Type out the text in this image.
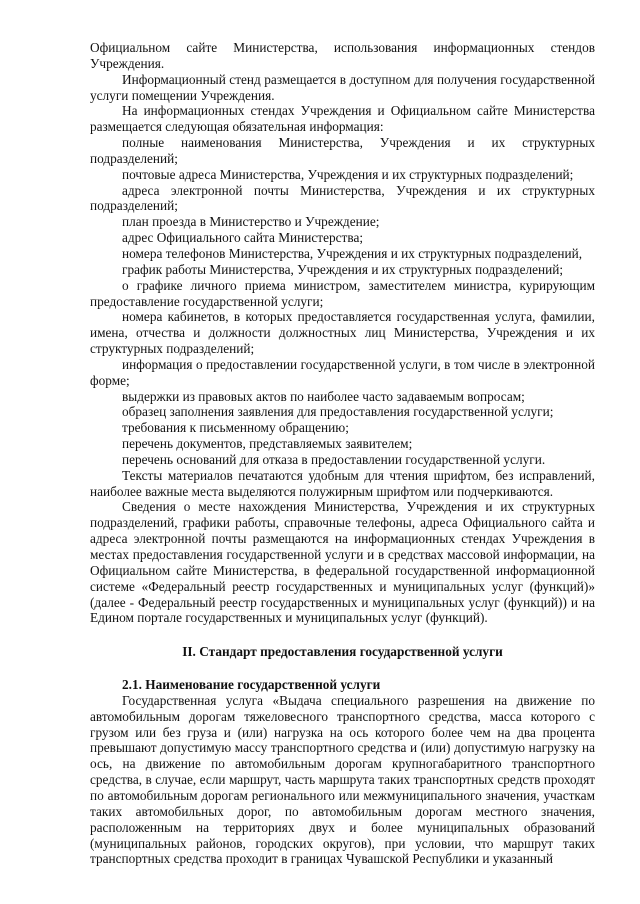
Официальном сайте Министерства, использования информационных стендов Учреждения.

Информационный стенд размещается в доступном для получения государственной услуги помещении Учреждения.

На информационных стендах Учреждения и Официальном сайте Министерства размещается следующая обязательная информация:

полные наименования Министерства, Учреждения и их структурных подразделений;

почтовые адреса Министерства, Учреждения и их структурных подразделений;

адреса электронной почты Министерства, Учреждения и их структурных подразделений;

план проезда в Министерство и Учреждение;

адрес Официального сайта Министерства;

номера телефонов Министерства, Учреждения и их структурных подразделений,

график работы Министерства, Учреждения и их структурных подразделений;

о графике личного приема министром, заместителем министра, курирующим предоставление государственной услуги;

номера кабинетов, в которых предоставляется государственная услуга, фамилии, имена, отчества и должности должностных лиц Министерства, Учреждения и их структурных подразделений;

информация о предоставлении государственной услуги, в том числе в электронной форме;

выдержки из правовых актов по наиболее часто задаваемым вопросам;

образец заполнения заявления для предоставления государственной услуги;

требования к письменному обращению;

перечень документов, представляемых заявителем;

перечень оснований для отказа в предоставлении государственной услуги.

Тексты материалов печатаются удобным для чтения шрифтом, без исправлений, наиболее важные места выделяются полужирным шрифтом или подчеркиваются.

Сведения о месте нахождения Министерства, Учреждения и их структурных подразделений, графики работы, справочные телефоны, адреса Официального сайта и адреса электронной почты размещаются на информационных стендах Учреждения в местах предоставления государственной услуги и в средствах массовой информации, на Официальном сайте Министерства, в федеральной государственной информационной системе «Федеральный реестр государственных и муниципальных услуг (функций)» (далее - Федеральный реестр государственных и муниципальных услуг (функций)) и на Едином портале государственных и муниципальных услуг (функций).

II. Стандарт предоставления государственной услуги

2.1. Наименование государственной услуги

Государственная услуга «Выдача специального разрешения на движение по автомобильным дорогам тяжеловесного транспортного средства, масса которого с грузом или без груза и (или) нагрузка на ось которого более чем на два процента превышают допустимую массу транспортного средства и (или) допустимую нагрузку на ось, на движение по автомобильным дорогам крупногабаритного транспортного средства, в случае, если маршрут, часть маршрута таких транспортных средств проходят по автомобильным дорогам регионального или межмуниципального значения, участкам таких автомобильных дорог, по автомобильным дорогам местного значения, расположенным на территориях двух и более муниципальных образований (муниципальных районов, городских округов), при условии, что маршрут таких транспортных средства проходит в границах Чувашской Республики и указанный
